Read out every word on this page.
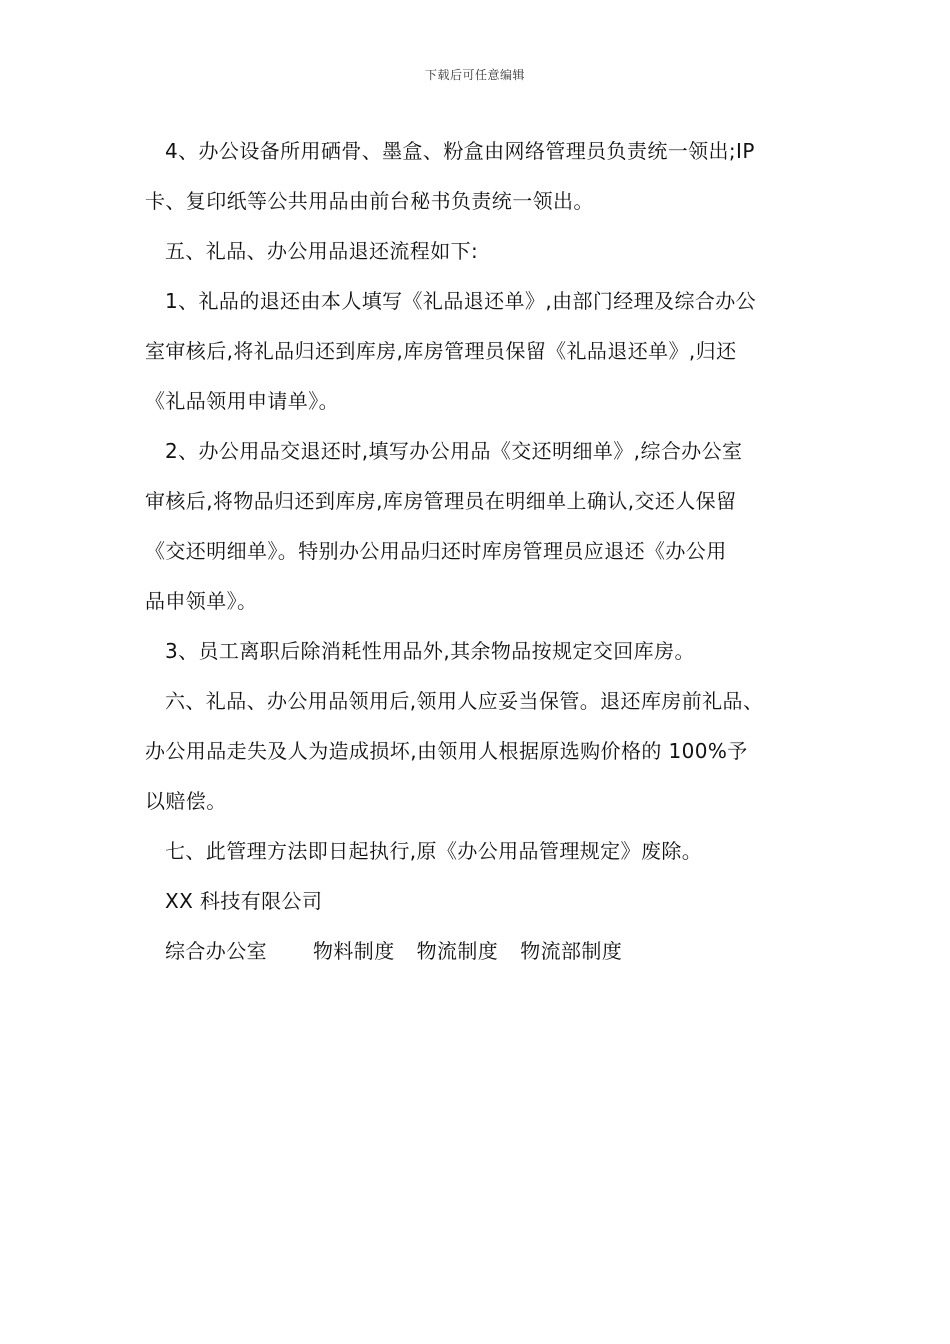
下载后可任意编辑
4、办公设备所用硒骨、墨盒、粉盒由网络管理员负责统一领出;IP
卡、复印纸等公共用品由前台秘书负责统一领出。
五、礼品、办公用品退还流程如下:
1、礼品的退还由本人填写《礼品退还单》,由部门经理及综合办公
室审核后,将礼品归还到库房,库房管理员保留《礼品退还单》,归还
《礼品领用申请单》。
2、办公用品交退还时,填写办公用品《交还明细单》,综合办公室
审核后,将物品归还到库房,库房管理员在明细单上确认,交还人保留
《交还明细单》。特别办公用品归还时库房管理员应退还《办公用
品申领单》。
3、员工离职后除消耗性用品外,其余物品按规定交回库房。
六、礼品、办公用品领用后,领用人应妥当保管。退还库房前礼品、
办公用品走失及人为造成损坏,由领用人根据原选购价格的 100%予
以赔偿。
七、此管理方法即日起执行,原《办公用品管理规定》废除。
XX 科技有限公司
综合办公室 物料制度 物流制度 物流部制度
